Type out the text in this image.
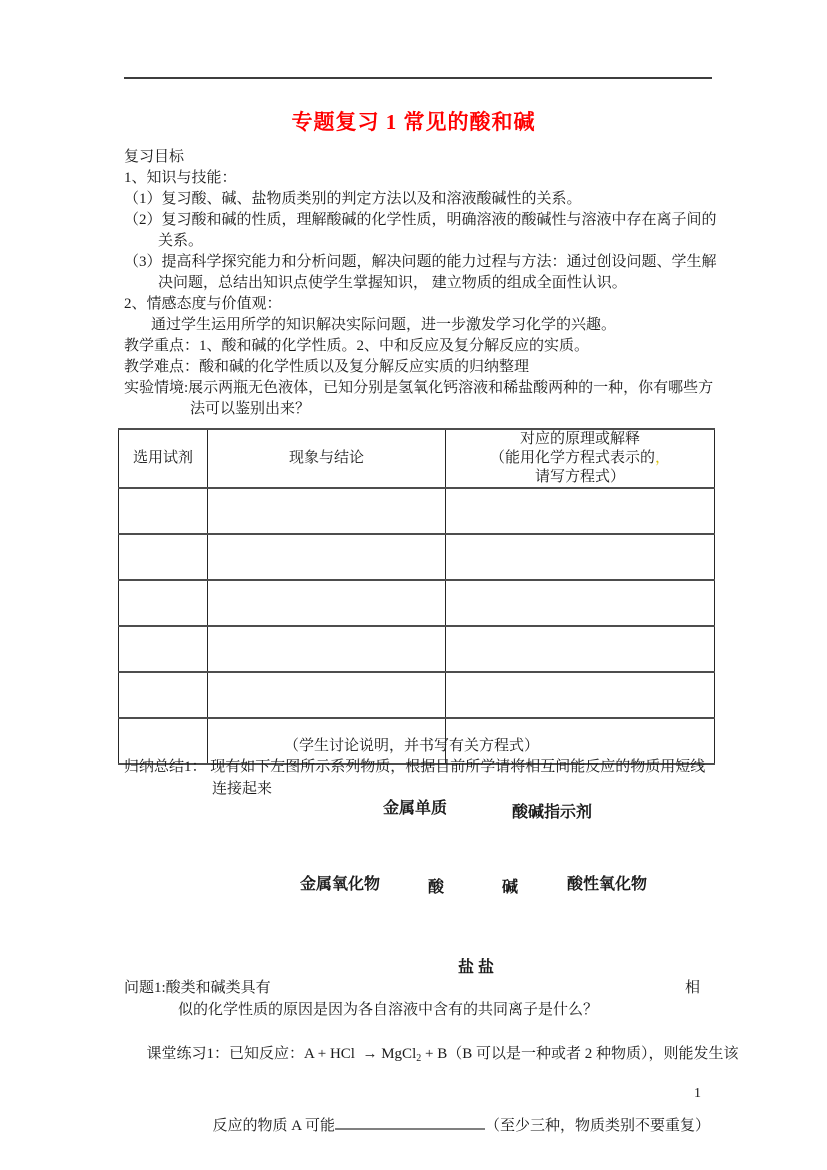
专题复习 1 常见的酸和碱
复习目标
1、知识与技能：
（1）复习酸、碱、盐物质类别的判定方法以及和溶液酸碱性的关系。
（2）复习酸和碱的性质，理解酸碱的化学性质，明确溶液的酸碱性与溶液中存在离子间的
关系。
（3）提高科学探究能力和分析问题，解决问题的能力过程与方法：通过创设问题、学生解
决问题，总结出知识点使学生掌握知识， 建立物质的组成全面性认识。
2、情感态度与价值观：
通过学生运用所学的知识解决实际问题，进一步激发学习化学的兴趣。
教学重点：1、酸和碱的化学性质。2、中和反应及复分解反应的实质。
教学难点：酸和碱的化学性质以及复分解反应实质的归纳整理
实验情境:展示两瓶无色液体，已知分别是氢氧化钙溶液和稀盐酸两种的一种，你有哪些方
法可以鉴别出来？
选用试剂	现象与结论	对应的原理或解释
（能用化学方程式表示的，请写方程式）

（学生讨论说明，并书写有关方程式）
归纳总结1： 现有如下左图所示系列物质，根据目前所学请将相互间能反应的物质用短线
连接起来
金属单质	酸碱指示剂
金属氧化物	酸	碱	酸性氧化物
盐 盐
问题1:酸类和碱类具有	相
似的化学性质的原因是因为各自溶液中含有的共同离子是什么？

课堂练习1：已知反应：A + HCl  → MgCl$_2$ + B（B 可以是一种或者 2 种物质），则能发生该

反应的物质 A 可能	（至少三种，物质类别不要重复）

1
